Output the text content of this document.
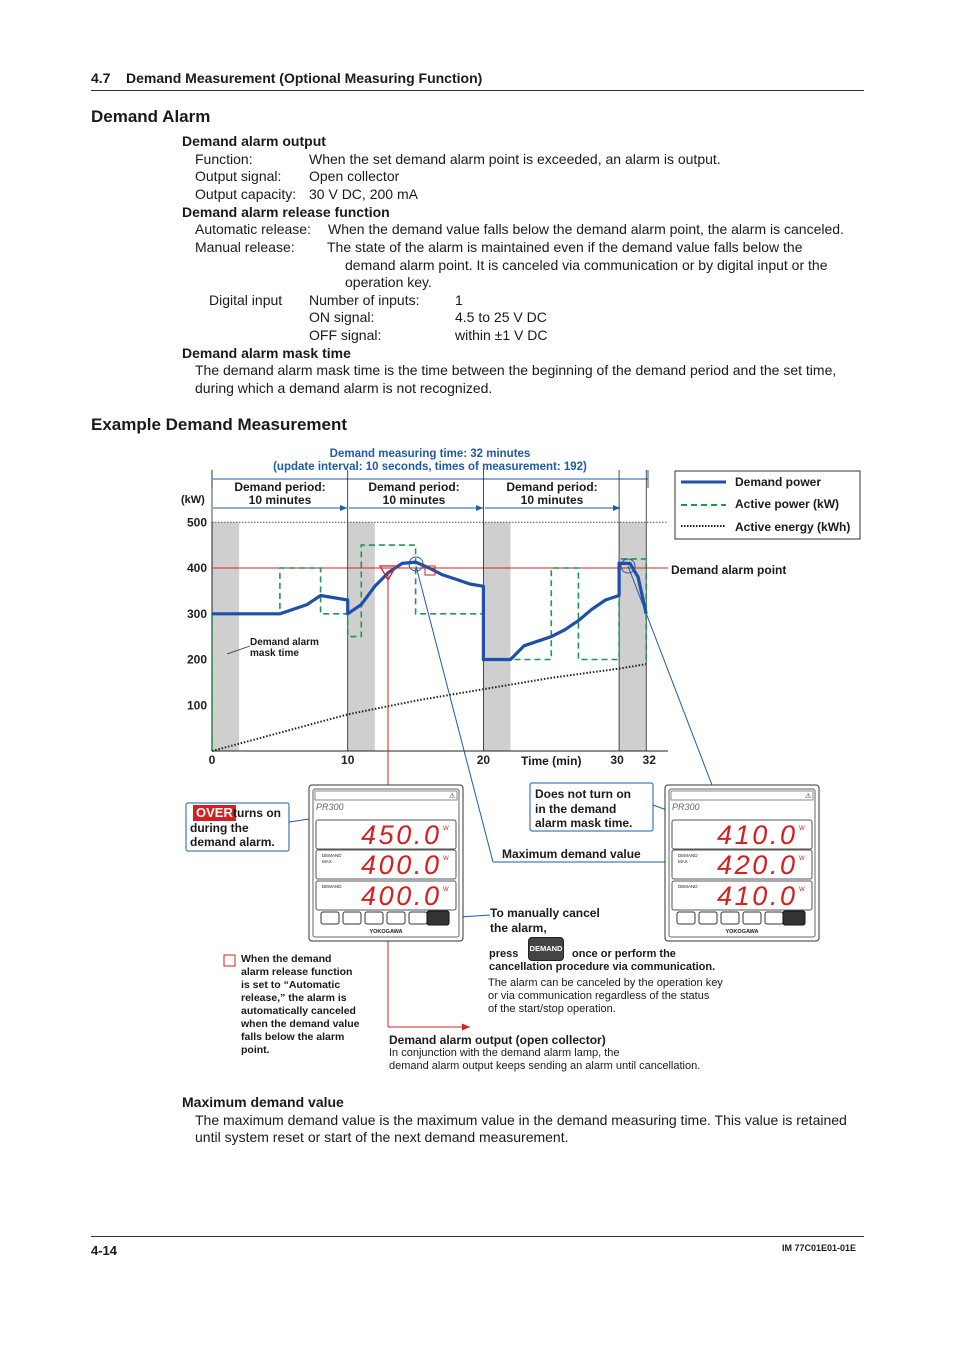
4.7 Demand Measurement (Optional Measuring Function)
Demand Alarm
Demand alarm output
Function:	When the set demand alarm point is exceeded, an alarm is output.
Output signal: Open collector
Output capacity: 30 V DC, 200 mA
Demand alarm release function
Automatic release: When the demand value falls below the demand alarm point, the alarm is canceled.
Manual release: The state of the alarm is maintained even if the demand value falls below the
demand alarm point. It is canceled via communication or by digital input or the
operation key.
Digital input Number of inputs:	1
ON signal:	4.5 to 25 V DC
OFF signal:	within ±1 V DC
Demand alarm mask time
The demand alarm mask time is the time between the beginning of the demand period and the set time,
during which a demand alarm is not recognized.
Example Demand Measurement
Demand measuring time: 32 minutes
(update interval: 10 seconds, times of measurement: 192)
100
200
300
400
500
0	10	20	30 32
⚠
PR300
450.0 W
DEMAND
MAX 400.0 W
DEMAND 400.0 W
YOKOGAWA
⚠
PR300
410.0 W
DEMAND
MAX 420.0 W
DEMAND 410.0 W
YOKOGAWA
Demand period:
10 minutes
Demand period:
10 minutes
Demand period:
10 minutes
(kW)
Demand power
Active power (kW)
Active energy (kWh)
Demand alarm point
Demand alarm
mask time
Time (min)
OVER turns on
during the
demand alarm.
Does not turn on
in the demand
alarm mask time.
Maximum demand value
To manually cancel
the alarm,
press DEMAND once or perform the
cancellation procedure via communication.
The alarm can be canceled by the operation key
or via communication regardless of the status
of the start/stop operation.
When the demand
alarm release function
is set to “Automatic
release,” the alarm is
automatically canceled
when the demand value
falls below the alarm
point.
Demand alarm output (open collector)
In conjunction with the demand alarm lamp, the
demand alarm output keeps sending an alarm until cancellation.
Maximum demand value
The maximum demand value is the maximum value in the demand measuring time. This value is retained
until system reset or start of the next demand measurement.
4-14	IM 77C01E01-01E
